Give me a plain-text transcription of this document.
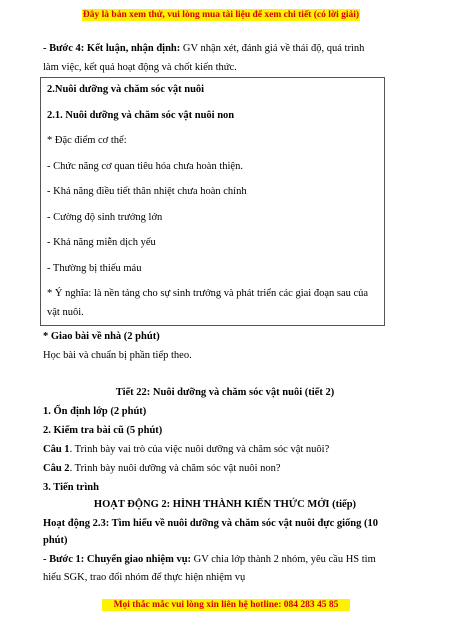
Đây là bản xem thử, vui lòng mua tài liệu để xem chi tiết (có lời giải)
- Bước 4: Kết luận, nhận định: GV nhận xét, đánh giá về thái độ, quá trình
làm việc, kết quả hoạt động và chốt kiến thức.
2.Nuôi dưỡng và chăm sóc vật nuôi
2.1. Nuôi dưỡng và chăm sóc vật nuôi non
* Đặc điểm cơ thể:
- Chức năng cơ quan tiêu hóa chưa hoàn thiện.
- Khả năng điều tiết thân nhiệt chưa hoàn chỉnh
- Cường độ sinh trưởng lớn
- Khả năng miễn dịch yếu
- Thường bị thiếu máu
* Ý nghĩa: là nền tảng cho sự sinh trưởng và phát triển các giai đoạn sau của
vật nuôi.
* Giao bài về nhà (2 phút)
Học bài và chuẩn bị phần tiếp theo.
Tiết 22: Nuôi dưỡng và chăm sóc vật nuôi (tiết 2)
1. Ổn định lớp (2 phút)
2. Kiểm tra bài cũ (5 phút)
Câu 1. Trình bày vai trò của việc nuôi dưỡng và chăm sóc vật nuôi?
Câu 2. Trình bày nuôi dưỡng và chăm sóc vật nuôi non?
3. Tiến trình
HOẠT ĐỘNG 2: HÌNH THÀNH KIẾN THỨC MỚI (tiếp)
Hoạt động 2.3: Tìm hiểu về nuôi dưỡng và chăm sóc vật nuôi đực giống (10
phút)
- Bước 1: Chuyển giao nhiệm vụ: GV chia lớp thành 2 nhóm, yêu cầu HS tìm
hiểu SGK, trao đổi nhóm để thực hiện nhiệm vụ
Mọi thắc mắc vui lòng xin liên hệ hotline: 084 283 45 85
